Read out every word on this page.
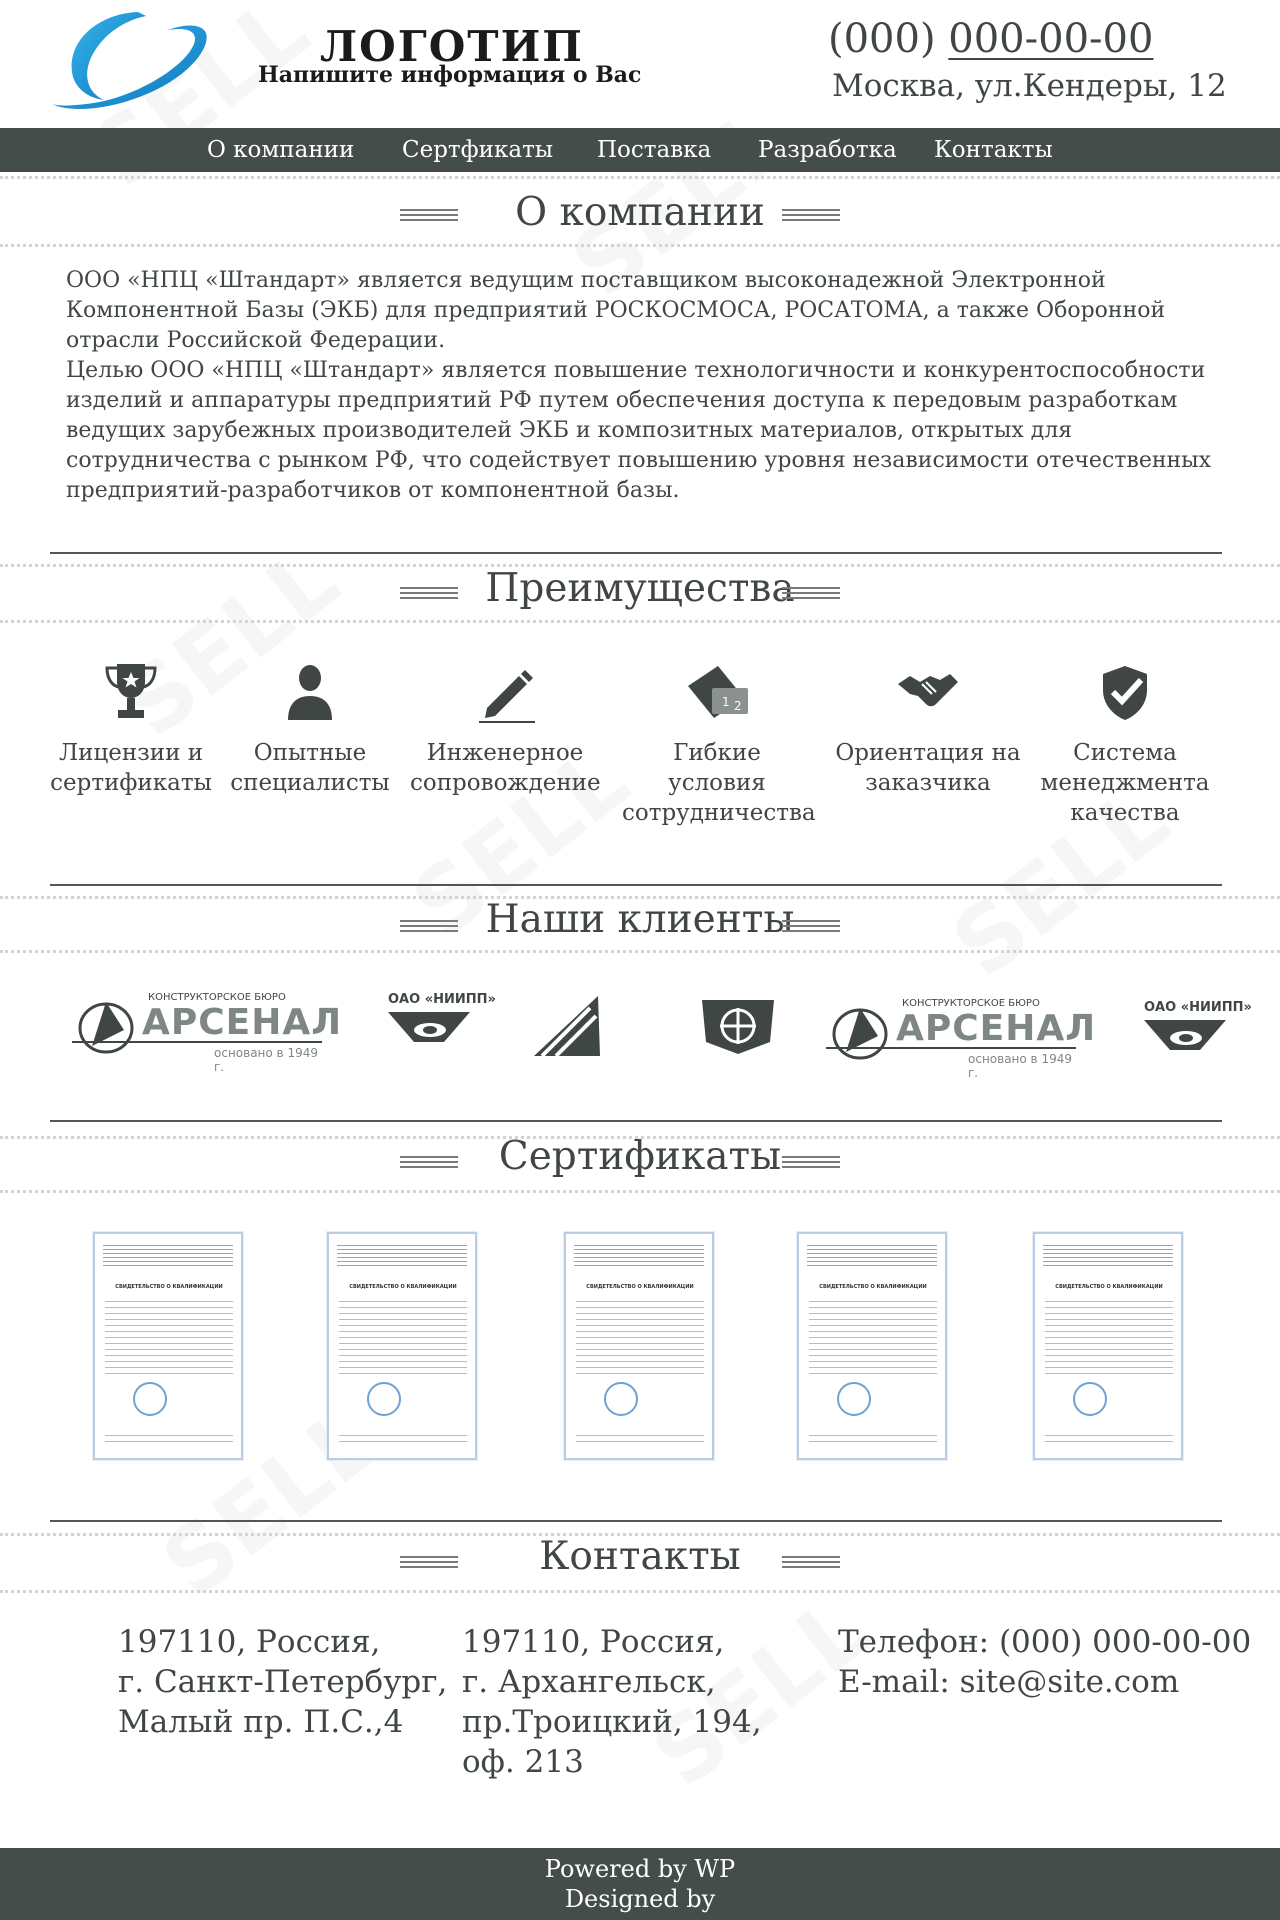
ЛОГОТИП
Напишите информация о Вас
(000) 000-00-00
Москва, ул.Кендеры, 12
О компании Сертфикаты Поставка Разработка Контакты
О компании

ООО «НПЦ «Штандарт» является ведущим поставщиком высоконадежной Электронной Компонентной Базы (ЭКБ) для предприятий РОСКОСМОСА, РОСАТОМА, а также Оборонной отрасли Российской Федерации.

Целью ООО «НПЦ «Штандарт» является повышение технологичности и конкурентоспособности изделий и аппаратуры предприятий РФ путем обеспечения доступа к передовым разработкам ведущих зарубежных производителей ЭКБ и композитных материалов, открытых для сотрудничества с рынком РФ, что содействует повышению уровня независимости отечественных предприятий-разработчиков от компонентной базы.

Преимущества
Лицензии и
сертификаты
Опытные
специалисты
Инженерное
сопровождение
1 2
Гибкие условия
сотрудничества
Ориентация на
заказчика
Система
менеджмента
качества
Наши клиенты
КОНСТРУКТОРСКОЕ БЮРО
АРСЕНАЛ
основано в 1949 г.
ОАО «НИИПП»	КОНСТРУКТОРСКОЕ БЮРО
АРСЕНАЛ
основано в 1949 г.
ОАО «НИИПП»
Сертификаты
СВИДЕТЕЛЬСТВО О КВАЛИФИКАЦИИ	СВИДЕТЕЛЬСТВО О КВАЛИФИКАЦИИ	СВИДЕТЕЛЬСТВО О КВАЛИФИКАЦИИ	СВИДЕТЕЛЬСТВО О КВАЛИФИКАЦИИ	СВИДЕТЕЛЬСТВО О КВАЛИФИКАЦИИ
Контакты
197110, Россия,
г. Санкт-Петербург,
Малый пр. П.С.,4
197110, Россия,
г. Архангельск,
пр.Троицкий, 194,
оф. 213
Телефон: (000) 000-00-00
E-mail: site@site.com
Powered by WP
Designed by
